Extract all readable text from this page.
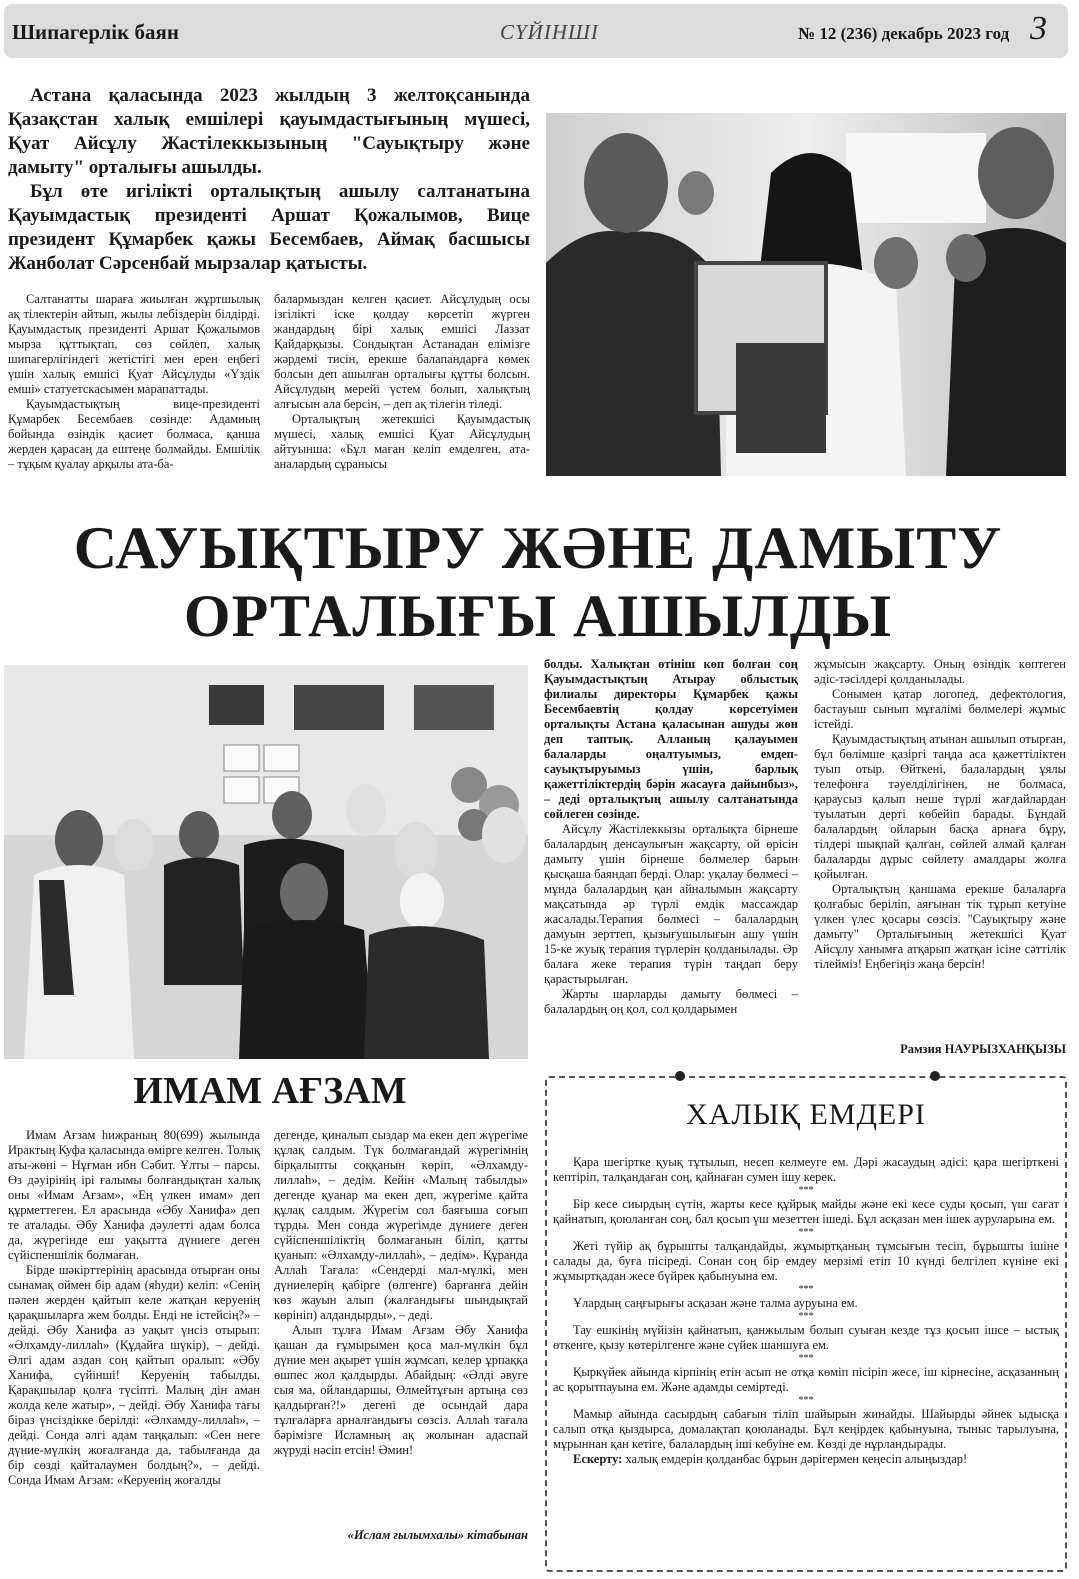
Шипагерлік баян	СҮЙІНШІ	№ 12 (236) декабрь 2023 год 3

Астана қаласында 2023 жылдың 3 желтоқсанында Қазақстан халық емшілері қауымдастығының мүшесі, Қуат Айсұлу Жастілеккызының "Сауықтыру және дамыту" орталығы ашылды.

Бұл өте игілікті орталықтың ашылу салтанатына Қауымдастық президенті Аршат Қожалымов, Вице президент Құмарбек қажы Бесембаев, Аймақ басшысы Жанболат Сәрсенбай мырзалар қатысты.

Салтанатты шараға жиылған жұртшылық ақ тілектерін айтып, жылы лебіздерін білдірді. Қауымдастық президенті Аршат Қожалымов мырза құттықтап, сөз сөйлеп, халық шипагерлігіндегі жетістігі мен ерен еңбегі үшін халық емшісі Қуат Айсұлуды «Үздік емші» статуетскасымен марапаттады.

Қауымдастықтың вице-президенті Құмарбек Бесембаев сөзінде: Адамның бойында өзіндік қасиет болмаса, қанша жерден қарасаң да ештеңе болмайды. Емшілік – тұқым қуалау арқылы ата-ба-

балармыздан келген қасиет. Айсұлудың осы ізгілікті іске қолдау көрсетіп жүрген жандардың бірі халық емшісі Лаззат Қайдарқызы. Сондықтан Астанадан елімізге жәрдемі тисін, ерекше балапандарға көмек болсын деп ашылған орталығы құтты болсын. Айсұлудың мерейі үстем болып, халықтың алғысын ала берсін, – деп ақ тілегін тіледі.

Орталықтың жетекшісі Қауымдастық мүшесі, халық емшісі Қуат Айсұлудың айтуынша: «Бұл маған келіп емделген, ата-аналардың сұранысы

САУЫҚТЫРУ ЖӘНЕ ДАМЫТУ
ОРТАЛЫҒЫ АШЫЛДЫ

болды. Халықтан өтініш көп болған соң Қауымдастықтың Атырау облыстық филиалы директоры Құмарбек қажы Бесембаевтің қолдау көрсетуімен орталықты Астана қаласынан ашуды жөн деп таптық. Алланың қалауымен балаларды оңалтуымыз, емдеп-сауықтыруымыз үшін, барлық қажеттіліктердің бәрін жасауға дайынбыз», – деді орталықтың ашылу салтанатында сөйлеген сөзінде.

Айсұлу Жастілеккызы орталықта бірнеше балалардың денсаулығын жақсарту, ой өрісін дамыту үшін бірнеше бөлмелер барын қысқаша баяндап берді. Олар: уқалау бөлмесі – мұнда балалардың қан айналымын жақсарту мақсатында әр түрлі емдік массаждар жасалады.Терапия бөлмесі – балалардың дамуын зерттеп, қызығушылығын ашу үшін 15-ке жуық терапия түрлерін қолданылады. Әр балаға жеке терапия түрін таңдап беру қарастырылған.

Жарты шарларды дамыту бөлмесі – балалардың оң қол, сол қолдарымен

жұмысын жақсарту. Оның өзіндік көптеген әдіс-тәсілдері қолданылады.

Сонымен қатар логопед, дефектология, бастауыш сынып мұғалімі бөлмелері жұмыс істейді.

Қауымдастықтың атынан ашылып отырған, бұл бөлімше қазіргі таңда аса қажеттіліктен туып отыр. Өйткені, балалардың ұялы телефонға тәуелділігінен, не болмаса, қараусыз қалып неше түрлі жағдайлардан туылатын дерті көбейіп барады. Бұндай балалардың ойларын басқа арнаға бұру, тілдері шықпай қалған, сөйлей алмай қалған балаларды дұрыс сөйлету амалдары жолға қойылған.

Орталықтың қаншама ерекше балаларға қолғабыс беріліп, аяғынан тік тұрып кетуіне үлкен үлес қосары сөзсіз. "Сауықтыру және дамыту" Орталығының жетекшісі Қуат Айсұлу ханымға атқарып жатқан ісіне сәттілік тілеймiз! Еңбегіңіз жаңа берсін!

Рамзия НАУРЫЗХАНҚЫЗЫ
ИМАМ АҒЗАМ

Имам Ағзам һижраның 80(699) жылында Ирактың Куфа қаласында өмірге келген. Толық аты-жөні – Нұғман ибн Сәбит. Ұлты – парсы. Өз дәуірінің ірі ғалымы болғандықтан халық оны «Имам Ағзам», «Ең үлкен имам» деп құрметтеген. Ел арасында «Әбу Ханифа» деп те аталады. Әбу Ханифа дәулетті адам болса да, жүрегінде еш уақытта дүниеге деген сүйіспеншілік болмаған.

Бірде шәкірттерінің арасында отырған оны сынамақ оймен бір адам (яһуди) келіп: «Сенің пәлен жерден қайтып келе жатқан керуенің қарақшыларға жем болды. Енді не істейсің?» – дейді. Әбу Ханифа аз уақыт үнсіз отырып: «Әлхамду-лиллаһ» (Құдайға шүкір), – дейді. Әлгі адам аздан соң қайтып оралып: «Әбу Ханифа, сүйінші! Керуенің табылды. Қарақшылар қолға түсіпті. Малың дін аман жолда келе жатыр», – дейді. Әбу Ханифа тағы біраз үнсіздікке берілді: «Әлхамду-лиллаһ», – дейді. Сонда әлгі адам таңқалып: «Сен неге дүние-мүлкің жоғалғанда да, табылғанда да бір сөзді қайталаумен болдың?», – дейді. Сонда Имам Ағзам: «Керуенің жоғалды

дегенде, қиналып сыздар ма екен деп жүрегіме құлақ салдым. Түк болмағандай жүрегімнің бірқалыпты соққанын көріп, «Әлхамду-лиллаһ», – дедім. Кейін «Малың табылды» дегенде қуанар ма екен деп, жүрегіме қайта құлақ салдым. Жүрегім сол баяғыша соғып тұрды. Мен сонда жүрегімде дүниеге деген сүйіспеншіліктің болмағанын біліп, қатты қуанып: «Әлхамду-лиллаһ», – дедім». Құранда Аллаһ Тағала: «Сендерді мал-мүлкі, мен дүниелерің қабірге (өлгенге) барғанға дейін көз жауын алып (жалғандығы шындықтай көрініп) алдандырды», – деді.

Алып тұлға Имам Ағзам Әбу Ханифа қашан да ғұмырымен қоса мал-мүлкін бұл дүние мен ақырет үшін жұмсап, келер ұрпаққа өшпес жол қалдырды. Абайдың: «Әлді әвуге сыя ма, ойландаршы, Өлмейтұғын артыңа сөз қалдырған?!» дегені де осындай дара тұлғаларға арналғандығы сөзсіз. Аллаһ тағала бәрімізге Исламның ақ жолынан адаспай жүруді нәсіп етсін! Әмин!

«Ислам ғылымхалы» кітабынан
ХАЛЫҚ ЕМДЕРІ

Қара шегіртке қуық тұтылып, несеп келмеуге ем. Дәрі жасаудың әдісі: қара шегірткені кептіріп, талқандаған соң, қайнаған сумен ішу керек.

***

Бір кесе сиырдың сүтін, жарты кесе құйрық майды және екі кесе суды қосып, үш сағат қайнатып, қоюланған соң, бал қосып үш мезеттен ішеді. Бұл асқазан мен ішек ауруларына ем.

***

Жеті түйір ақ бұрышты талқандайды, жұмыртқаның тұмсығын тесіп, бұрышты ішіне салады да, буға пісіреді. Сонан соң бір емдеу мерзімі етіп 10 күнді белгілеп күніне екі жұмыртқадан жесе бүйрек қабынуына ем.

***

Ұлардың саңғырығы асқазан және талма ауруына ем.

***

Тау ешкінің мүйізін қайнатып, қанжылым болып суыған кезде тұз қосып ішсе – ыстық өткенге, қызу көтерілгенге және сүйек шаншуға ем.

***

Қыркүйек айында кірпінің етін асып не отқа көміп пісіріп жесе, іш кірнесіне, асқазанның ас қорытпауына ем. Және адамды семіртеді.

***

Мамыр айында сасырдың сабағын тіліп шайырын жинайды. Шайырды әйнек ыдысқа салып отқа қыздырса, домалақтап қоюланады. Бұл кеңірдек қабынуына, тыныс тарылуына, мұрыннан қан кетіге, балалардың іші кебуіне ем. Көзді де нұрландырады.

Ескерту: халық емдерін қолданбас бұрын дәрігермен кеңесіп алыңыздар!
